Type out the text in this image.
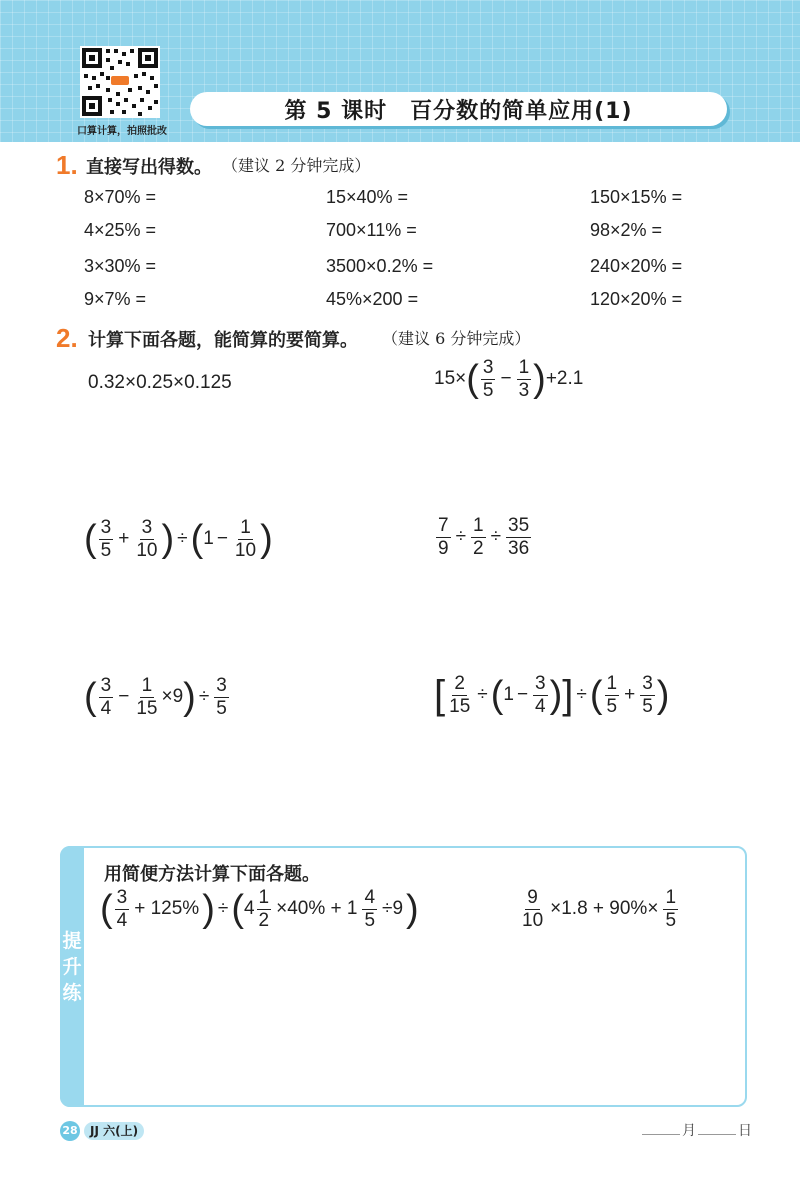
口算计算，拍照批改
第 5 课时　百分数的简单应用(1)
1. 直接写出得数。 （建议 2 分钟完成）
8×70% =	15×40% =	150×15% =
4×25% =	700×11% =	98×2% =
3×30% =	3500×0.2% =	240×20% =
9×7% =	45%×200 =	120×20% =
2. 计算下面各题，能简算的要简算。 （建议 6 分钟完成）
0.32×0.25×0.125	15× ( $\frac{3}{5} - \frac{1}{3}$ ) +2.1
( $\frac{3}{5} + \frac{3}{10}$ ) ÷ ( $1 - \frac{1}{10}$ )	$\frac{7}{9} \div \frac{1}{2} \div \frac{35}{36}$
( $\frac{3}{4} - \frac{1}{15} \times 9$ ) ÷ $\frac{3}{5}$	[ $\frac{2}{15}$ ÷ ( $1 - \frac{3}{4}$ ) ] ÷ ( $\frac{1}{5} + \frac{3}{5}$ )
提升练
用简便方法计算下面各题。
( $\frac{3}{4} + 125\%$ ) ÷ ( $4 \frac{1}{2} \times 40\% + 1 \frac{4}{5} \div 9$ )	$\frac{9}{10} \times 1.8 + 90\%\times \frac{1}{5}$
28	JJ 六(上)	月	日
